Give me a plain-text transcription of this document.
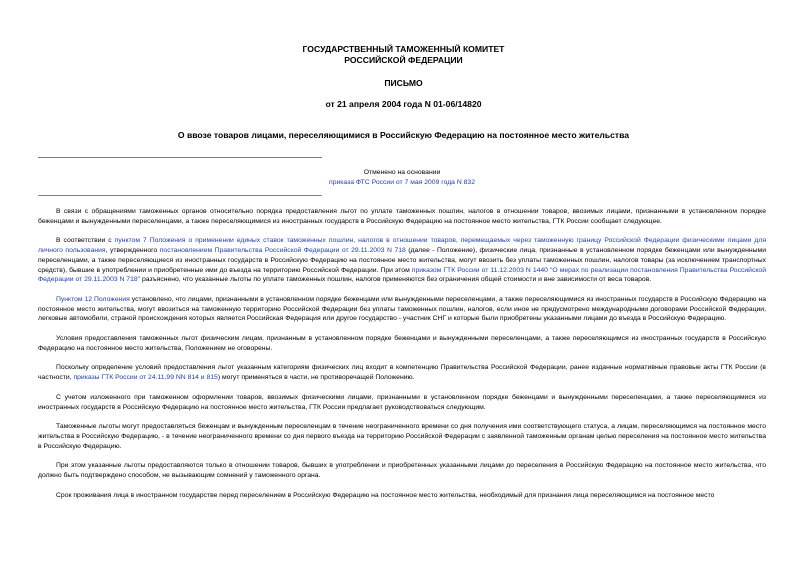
ГОСУДАРСТВЕННЫЙ ТАМОЖЕННЫЙ КОМИТЕТ
РОССИЙСКОЙ ФЕДЕРАЦИИ
ПИСЬМО
от 21 апреля 2004 года N 01-06/14820
О ввозе товаров лицами, переселяющимися в Российскую Федерацию на постоянное место жительства
Отменено на основании
приказа ФТС России от 7 мая 2009 года N 832

В связи с обращениями таможенных органов относительно порядка предоставления льгот по уплате таможенных пошлин, налогов в отношении товаров, ввозимых лицами, признанными в установленном порядке беженцами и вынужденными переселенцами, а также переселяющимися из иностранных государств в Российскую Федерацию на постоянное место жительства, ГТК России сообщает следующее.

В соответствии с пунктом 7 Положения о применении единых ставок таможенных пошлин, налогов в отношении товаров, перемещаемых через таможенную границу Российской Федерации физическими лицами для личного пользования, утвержденного постановлением Правительства Российской Федерации от 29.11.2003 N 718 (далее - Положение), физические лица, признанные в установленном порядке беженцами или вынужденными переселенцами, а также переселяющиеся из иностранных государств в Российскую Федерацию на постоянное место жительства, могут ввозить без уплаты таможенных пошлин, налогов товары (за исключением транспортных средств), бывшие в употреблении и приобретенные ими до въезда на территорию Российской Федерации. При этом приказом ГТК России от 11.12.2003 N 1440 "О мерах по реализации постановления Правительства Российской Федерации от 29.11.2003 N 718" разъяснено, что указанные льготы по уплате таможенных пошлин, налогов применяются без ограничения общей стоимости и вне зависимости от веса товаров.

Пунктом 12 Положения установлено, что лицами, признанными в установленном порядке беженцами или вынужденными переселенцами, а также переселяющимися из иностранных государств в Российскую Федерацию на постоянное место жительства, могут ввозиться на таможенную территорию Российской Федерации без уплаты таможенных пошлин, налогов, если иное не предусмотрено международными договорами Российской Федерации, легковые автомобили, страной происхождения которых является Российская Федерация или другое государство - участник СНГ и которые были приобретены указанными лицами до въезда в Российскую Федерацию.

Условия предоставления таможенных льгот физическим лицам, признанным в установленном порядке беженцами и вынужденными переселенцами, а также переселяющимся из иностранных государств в Российскую Федерацию на постоянное место жительства, Положением не оговорены.

Поскольку определение условий предоставления льгот указанным категориям физических лиц входит в компетенцию Правительства Российской Федерации, ранее изданные нормативные правовые акты ГТК России (в частности, приказы ГТК России от 24.11.99 NN 814 и 815) могут применяться в части, не противоречащей Положению.

С учетом изложенного при таможенном оформлении товаров, ввозимых физическими лицами, признанными в установленном порядке беженцами и вынужденными переселенцами, а также переселяющимися из иностранных государств в Российскую Федерацию на постоянное место жительства, ГТК России предлагает руководствоваться следующим.

Таможенные льготы могут предоставляться беженцам и вынужденным переселенцам в течение неограниченного времени со дня получения ими соответствующего статуса, а лицам, переселяющимся на постоянное место жительства в Российскую Федерацию, - в течение неограниченного времени со дня первого въезда на территорию Российской Федерации с заявленной таможенным органам целью переселения на постоянное место жительства в Российскую Федерацию.

При этом указанные льготы предоставляются только в отношении товаров, бывших в употреблении и приобретенных указанными лицами до переселения в Российскую Федерацию на постоянное место жительства, что должно быть подтверждено способом, не вызывающим сомнений у таможенного органа.

Срок проживания лица в иностранном государстве перед переселением в Российскую Федерацию на постоянное место жительства, необходимый для признания лица переселяющимся на постоянное место
